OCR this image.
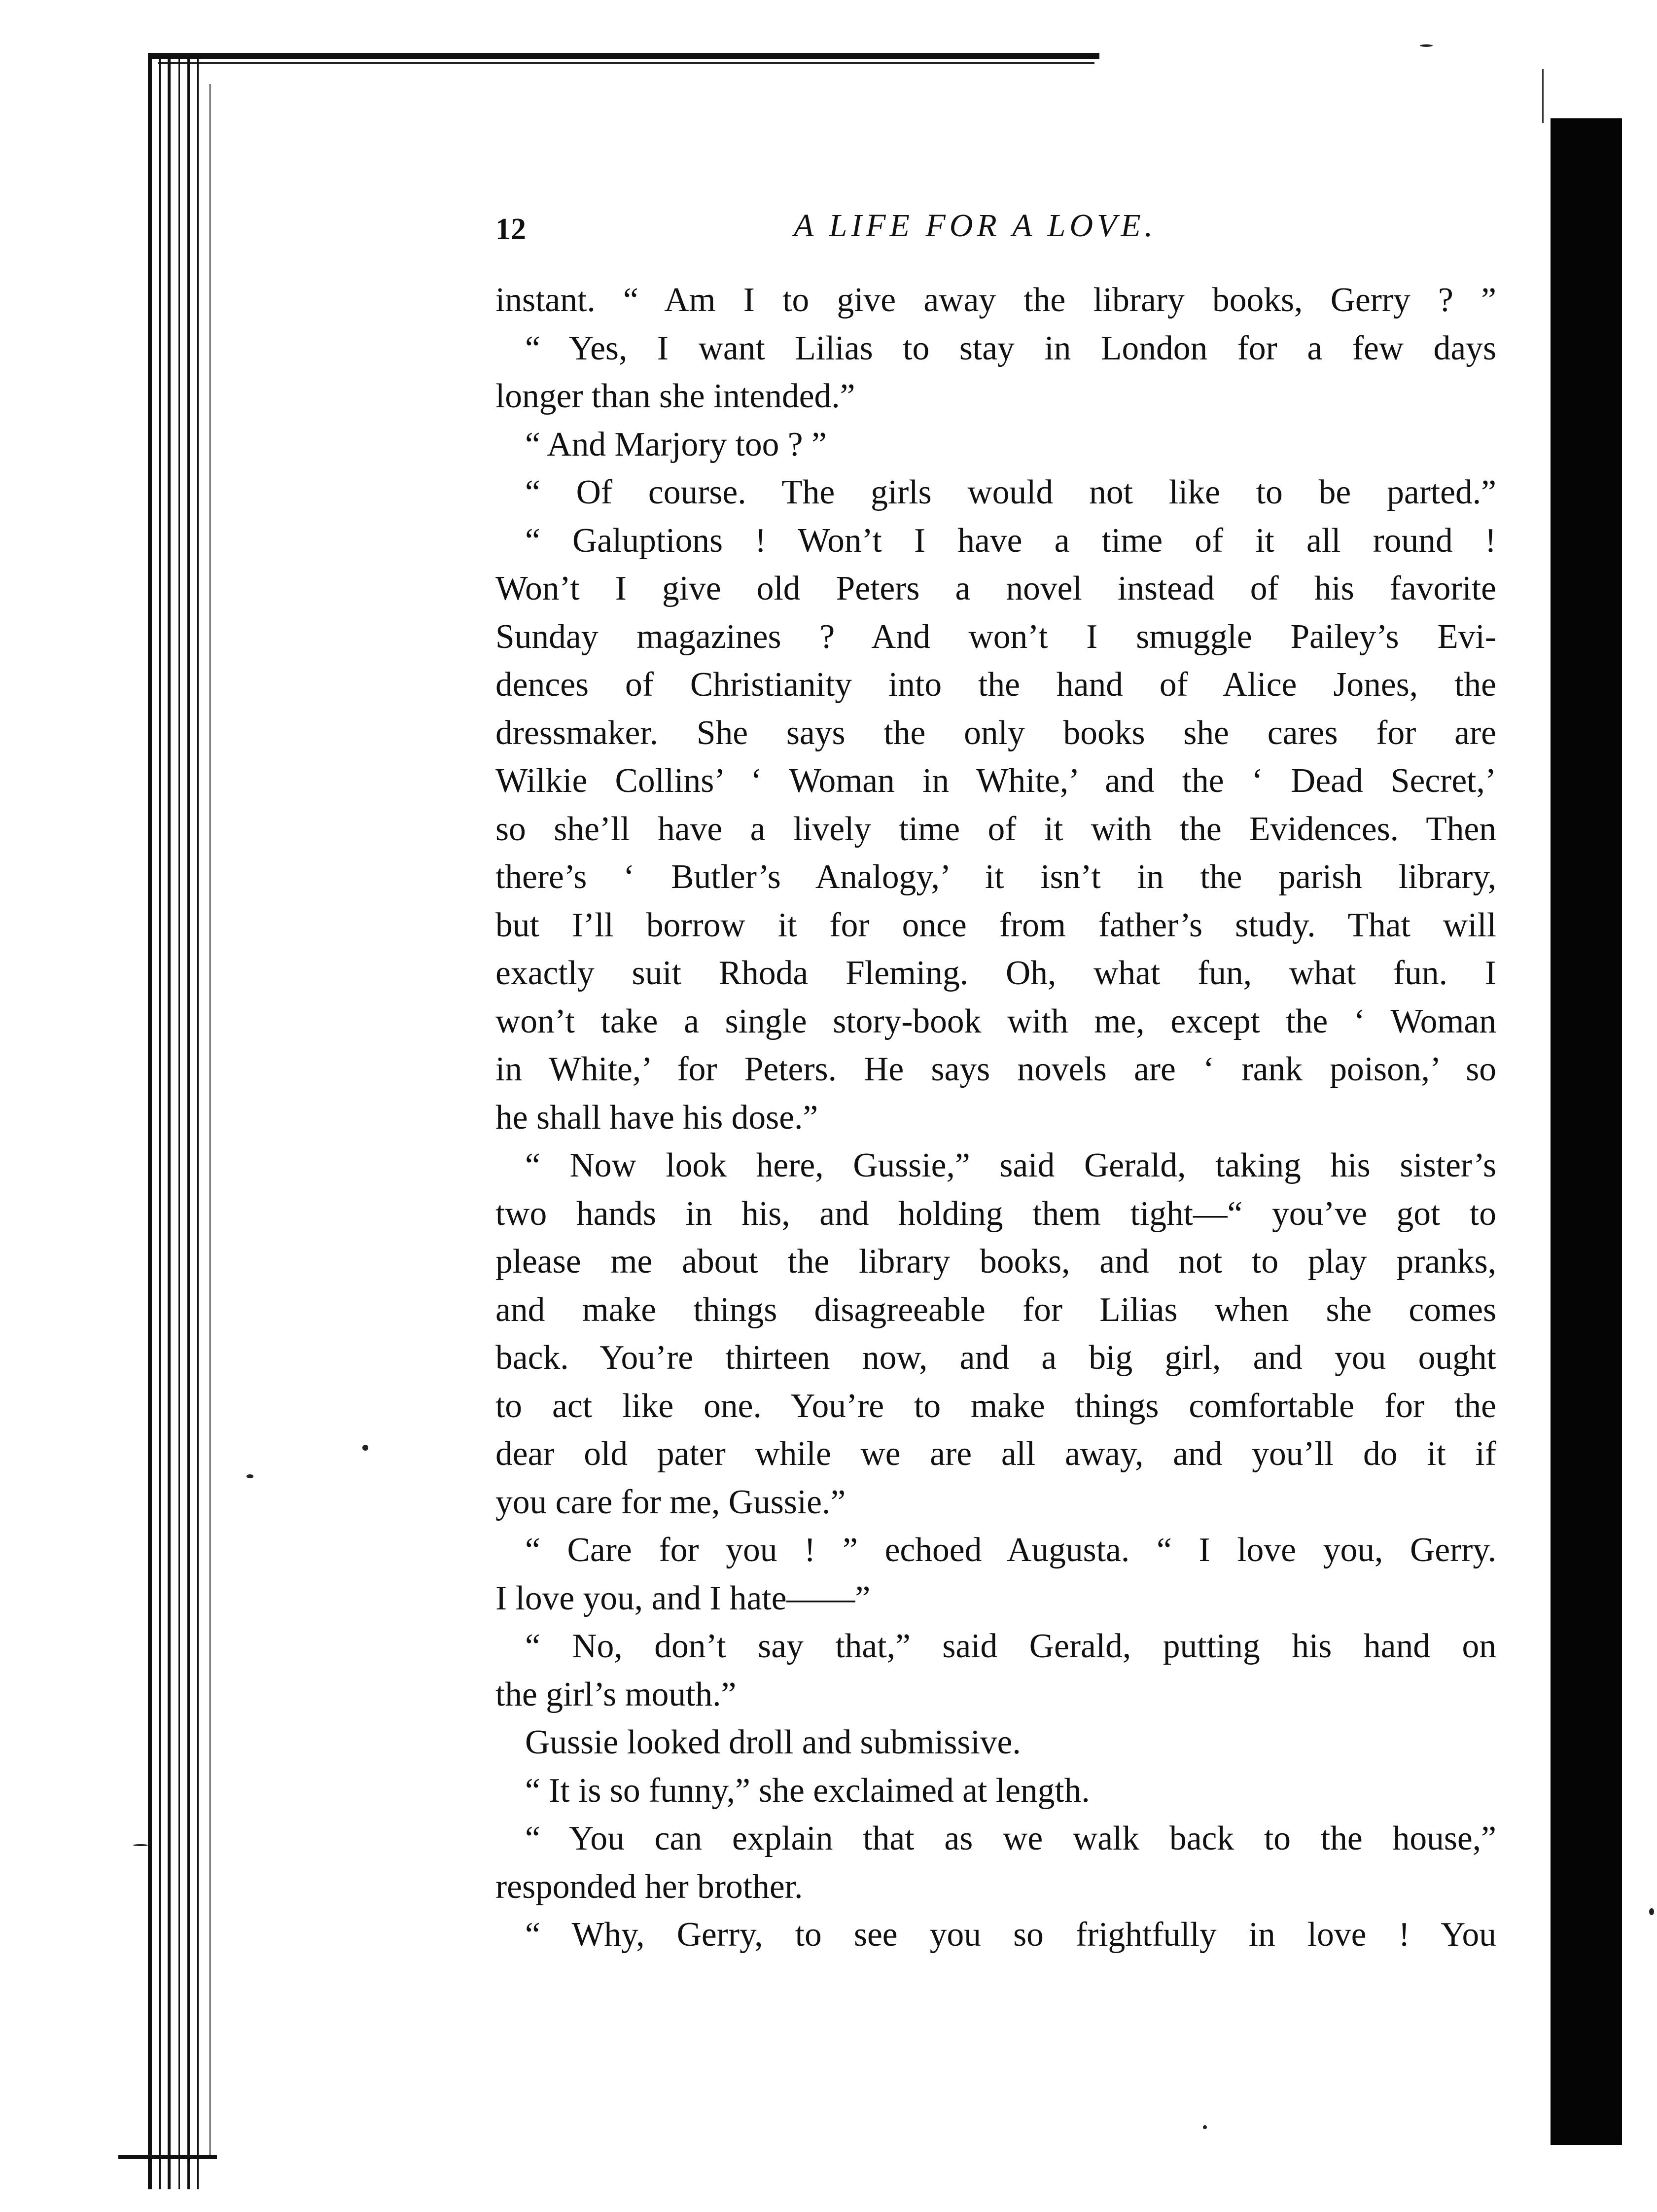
12	A LIFE FOR A LOVE.
instant. “ Am I to give away the library books, Gerry ? ”
“ Yes, I want Lilias to stay in London for a few days
longer than she intended.”
“ And Marjory too ? ”
“ Of course. The girls would not like to be parted.”
“ Galuptions ! Won’t I have a time of it all round !
Won’t I give old Peters a novel instead of his favorite
Sunday magazines ? And won’t I smuggle Pailey’s Evi-
dences of Christianity into the hand of Alice Jones, the
dressmaker. She says the only books she cares for are
Wilkie Collins’ ‘ Woman in White,’ and the ‘ Dead Secret,’
so she’ll have a lively time of it with the Evidences. Then
there’s ‘ Butler’s Analogy,’ it isn’t in the parish library,
but I’ll borrow it for once from father’s study. That will
exactly suit Rhoda Fleming. Oh, what fun, what fun. I
won’t take a single story-book with me, except the ‘ Woman
in White,’ for Peters. He says novels are ‘ rank poison,’ so
he shall have his dose.”
“ Now look here, Gussie,” said Gerald, taking his sister’s
two hands in his, and holding them tight—“ you’ve got to
please me about the library books, and not to play pranks,
and make things disagreeable for Lilias when she comes
back. You’re thirteen now, and a big girl, and you ought
to act like one. You’re to make things comfortable for the
dear old pater while we are all away, and you’ll do it if
you care for me, Gussie.”
“ Care for you ! ” echoed Augusta. “ I love you, Gerry.
I love you, and I hate——”
“ No, don’t say that,” said Gerald, putting his hand on
the girl’s mouth.”
Gussie looked droll and submissive.
“ It is so funny,” she exclaimed at length.
“ You can explain that as we walk back to the house,”
responded her brother.
“ Why, Gerry, to see you so frightfully in love ! You
